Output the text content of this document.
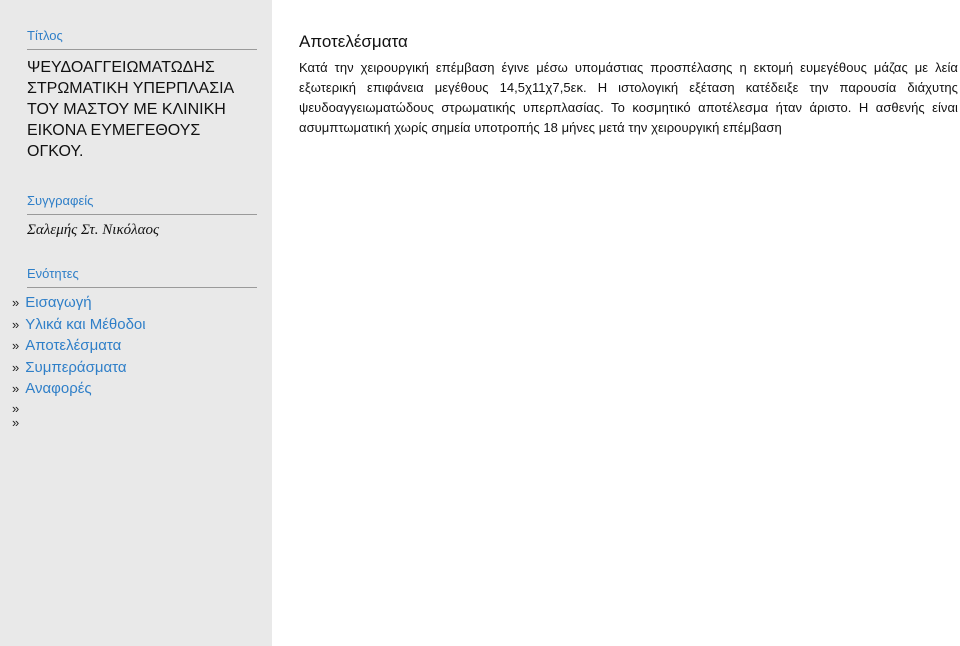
Τίτλος
ΨΕΥΔΟΑΓΓΕΙΩΜΑΤΩΔΗΣ ΣΤΡΩΜΑΤΙΚΗ ΥΠΕΡΠΛΑΣΙΑ ΤΟΥ ΜΑΣΤΟΥ ΜΕ ΚΛΙΝΙΚΗ ΕΙΚΟΝΑ ΕΥΜΕΓΕΘΟΥΣ ΟΓΚΟΥ.
Συγγραφείς
Σαλεμής Στ. Νικόλαος
Ενότητες
» Εισαγωγή
» Υλικά και Μέθοδοι
» Αποτελέσματα
» Συμπεράσματα
» Αναφορές
»
»
Αποτελέσματα

Κατά την χειρουργική επέμβαση έγινε μέσω υπομάστιας προσπέλασης η εκτομή ευμεγέθους μάζας με λεία εξωτερική επιφάνεια μεγέθους 14,5χ11χ7,5εκ. Η ιστολογική εξέταση κατέδειξε την παρουσία διάχυτης ψευδοαγγειωματώδους στρωματικής υπερπλασίας. Το κοσμητικό αποτέλεσμα ήταν άριστο. Η ασθενής είναι ασυμπτωματική χωρίς σημεία υποτροπής 18 μήνες μετά την χειρουργική επέμβαση
